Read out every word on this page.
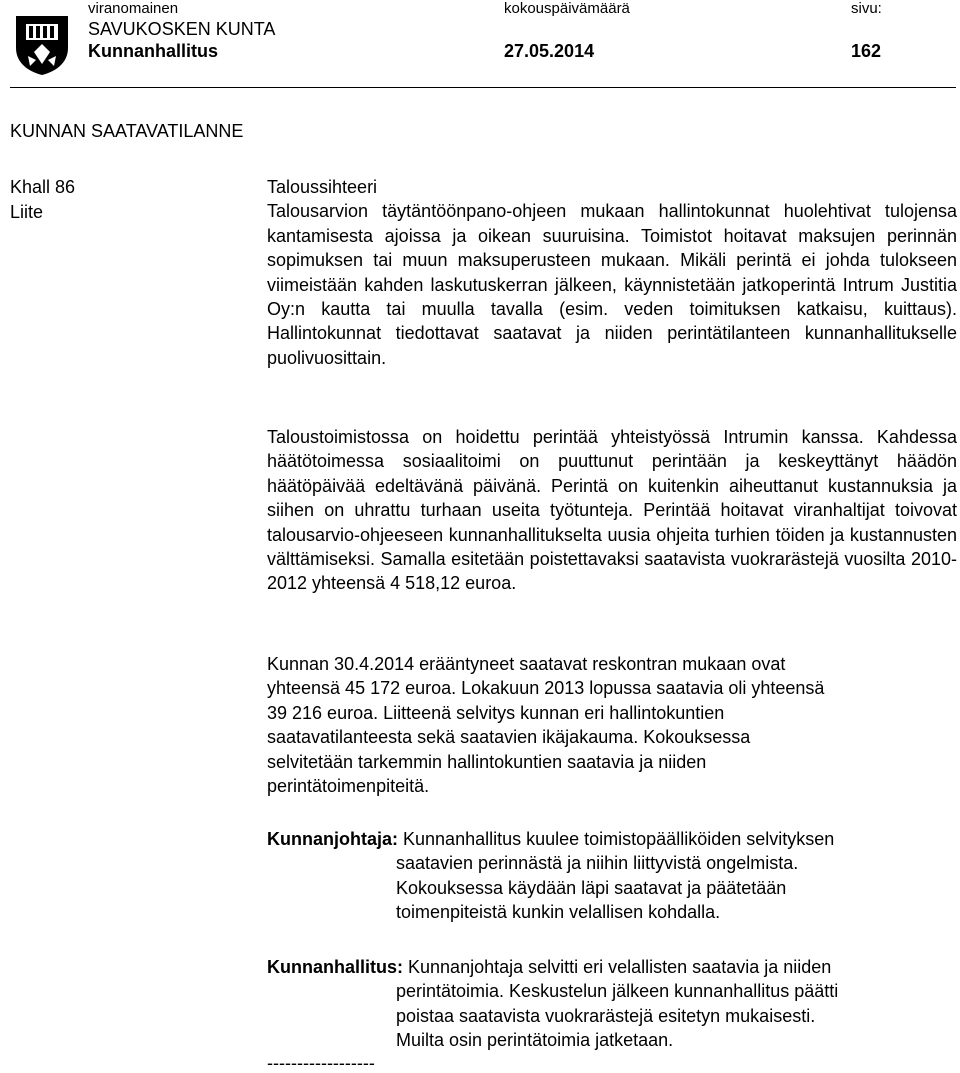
viranomainen	kokouspäivämäärä	sivu:
SAVUKOSKEN KUNTA
Kunnanhallitus	27.05.2014	162
KUNNAN SAATAVATILANNE
Khall 86
Liite

Taloussihteeri

Talousarvion täytäntöönpano-ohjeen mukaan hallintokunnat huolehtivat tulojensa kantamisesta ajoissa ja oikean suuruisina. Toimistot hoitavat maksujen perinnän sopimuksen tai muun maksuperusteen mukaan. Mikäli perintä ei johda tulokseen viimeistään kahden laskutuskerran jälkeen, käynnistetään jatkoperintä Intrum Justitia Oy:n kautta tai muulla tavalla (esim. veden toimituksen katkaisu, kuittaus). Hallintokunnat tiedottavat saatavat ja niiden perintätilanteen kunnanhallitukselle puolivuosittain.

Taloustoimistossa on hoidettu perintää yhteistyössä Intrumin kanssa. Kahdessa häätötoimessa sosiaalitoimi on puuttunut perintään ja keskeyttänyt häädön häätöpäivää edeltävänä päivänä. Perintä on kuitenkin aiheuttanut kustannuksia ja siihen on uhrattu turhaan useita työtunteja. Perintää hoitavat viranhaltijat toivovat talousarvio-ohjeeseen kunnanhallitukselta uusia ohjeita turhien töiden ja kustannusten välttämiseksi. Samalla esitetään poistettavaksi saatavista vuokrarästejä vuosilta 2010-2012 yhteensä 4 518,12 euroa.

Kunnan 30.4.2014 erääntyneet saatavat reskontran mukaan ovat
yhteensä 45 172 euroa. Lokakuun 2013 lopussa saatavia oli yhteensä
39 216 euroa. Liitteenä selvitys kunnan eri hallintokuntien
saatavatilanteesta sekä saatavien ikäjakauma. Kokouksessa
selvitetään tarkemmin hallintokuntien saatavia ja niiden
perintätoimenpiteitä.
Kunnanjohtaja: Kunnanhallitus kuulee toimistopäälliköiden selvityksen
saatavien perinnästä ja niihin liittyvistä ongelmista.
Kokouksessa käydään läpi saatavat ja päätetään
toimenpiteistä kunkin velallisen kohdalla.
Kunnanhallitus: Kunnanjohtaja selvitti eri velallisten saatavia ja niiden
perintätoimia. Keskustelun jälkeen kunnanhallitus päätti
poistaa saatavista vuokrarästejä esitetyn mukaisesti.
Muilta osin perintätoimia jatketaan.
------------------
